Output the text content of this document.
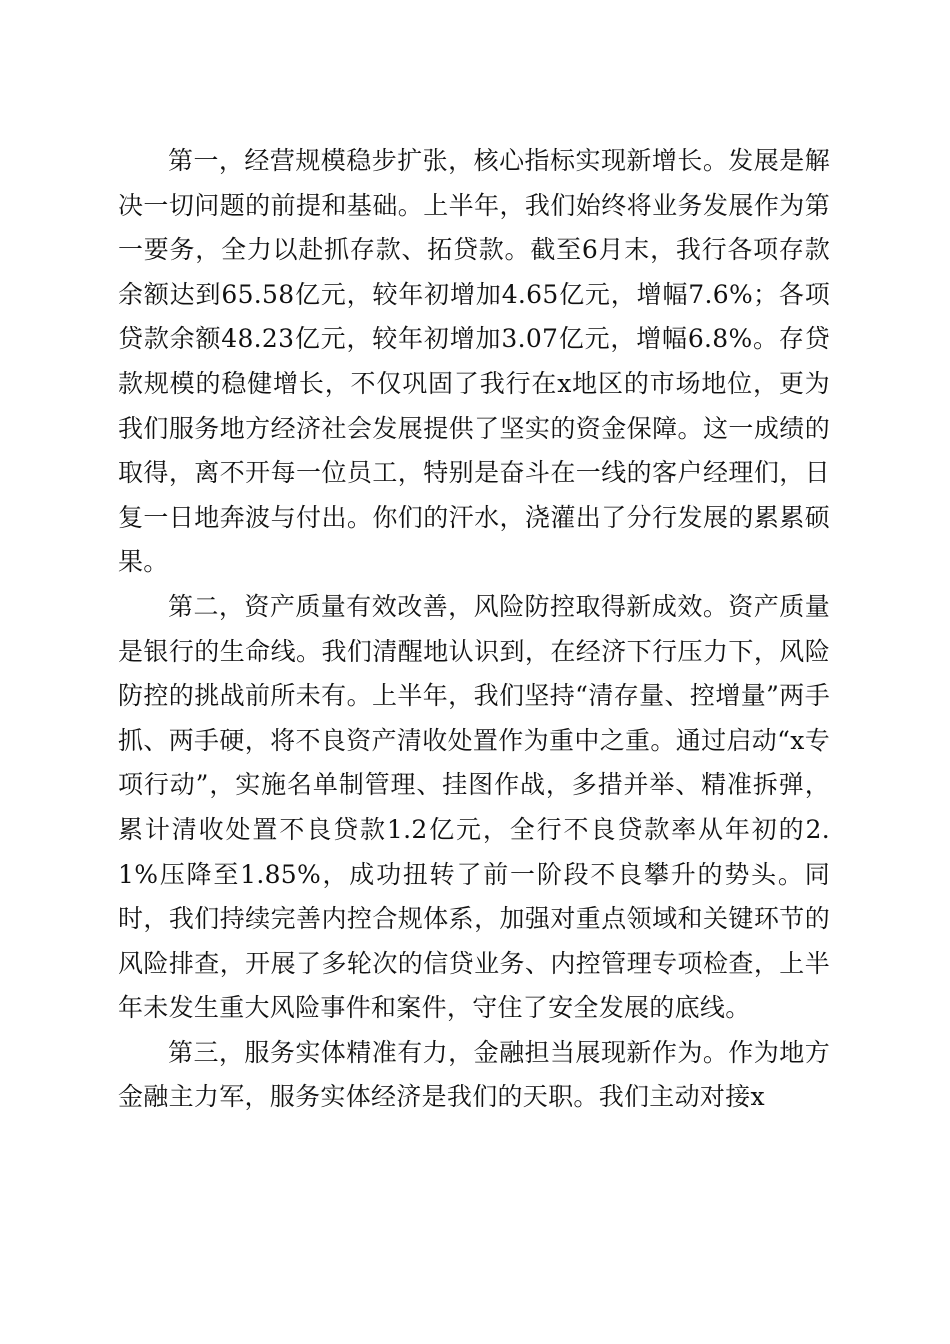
第一，经营规模稳步扩张，核心指标实现新增长。发展是解决一切问题的前提和基础。上半年，我们始终将业务发展作为第一要务，全力以赴抓存款、拓贷款。截至6月末，我行各项存款余额达到65.58亿元，较年初增加4.65亿元，增幅7.6%；各项贷款余额48.23亿元，较年初增加3.07亿元，增幅6.8%。存贷款规模的稳健增长，不仅巩固了我行在x地区的市场地位，更为我们服务地方经济社会发展提供了坚实的资金保障。这一成绩的取得，离不开每一位员工，特别是奋斗在一线的客户经理们，日复一日地奔波与付出。你们的汗水，浇灌出了分行发展的累累硕果。

第二，资产质量有效改善，风险防控取得新成效。资产质量是银行的生命线。我们清醒地认识到，在经济下行压力下，风险防控的挑战前所未有。上半年，我们坚持“清存量、控增量”两手抓、两手硬，将不良资产清收处置作为重中之重。通过启动“x专项行动”，实施名单制管理、挂图作战，多措并举、精准拆弹，累计清收处置不良贷款1.2亿元，全行不良贷款率从年初的2.1%压降至1.85%，成功扭转了前一阶段不良攀升的势头。同时，我们持续完善内控合规体系，加强对重点领域和关键环节的风险排查，开展了多轮次的信贷业务、内控管理专项检查，上半年未发生重大风险事件和案件，守住了安全发展的底线。

第三，服务实体精准有力，金融担当展现新作为。作为地方金融主力军，服务实体经济是我们的天职。我们主动对接x
